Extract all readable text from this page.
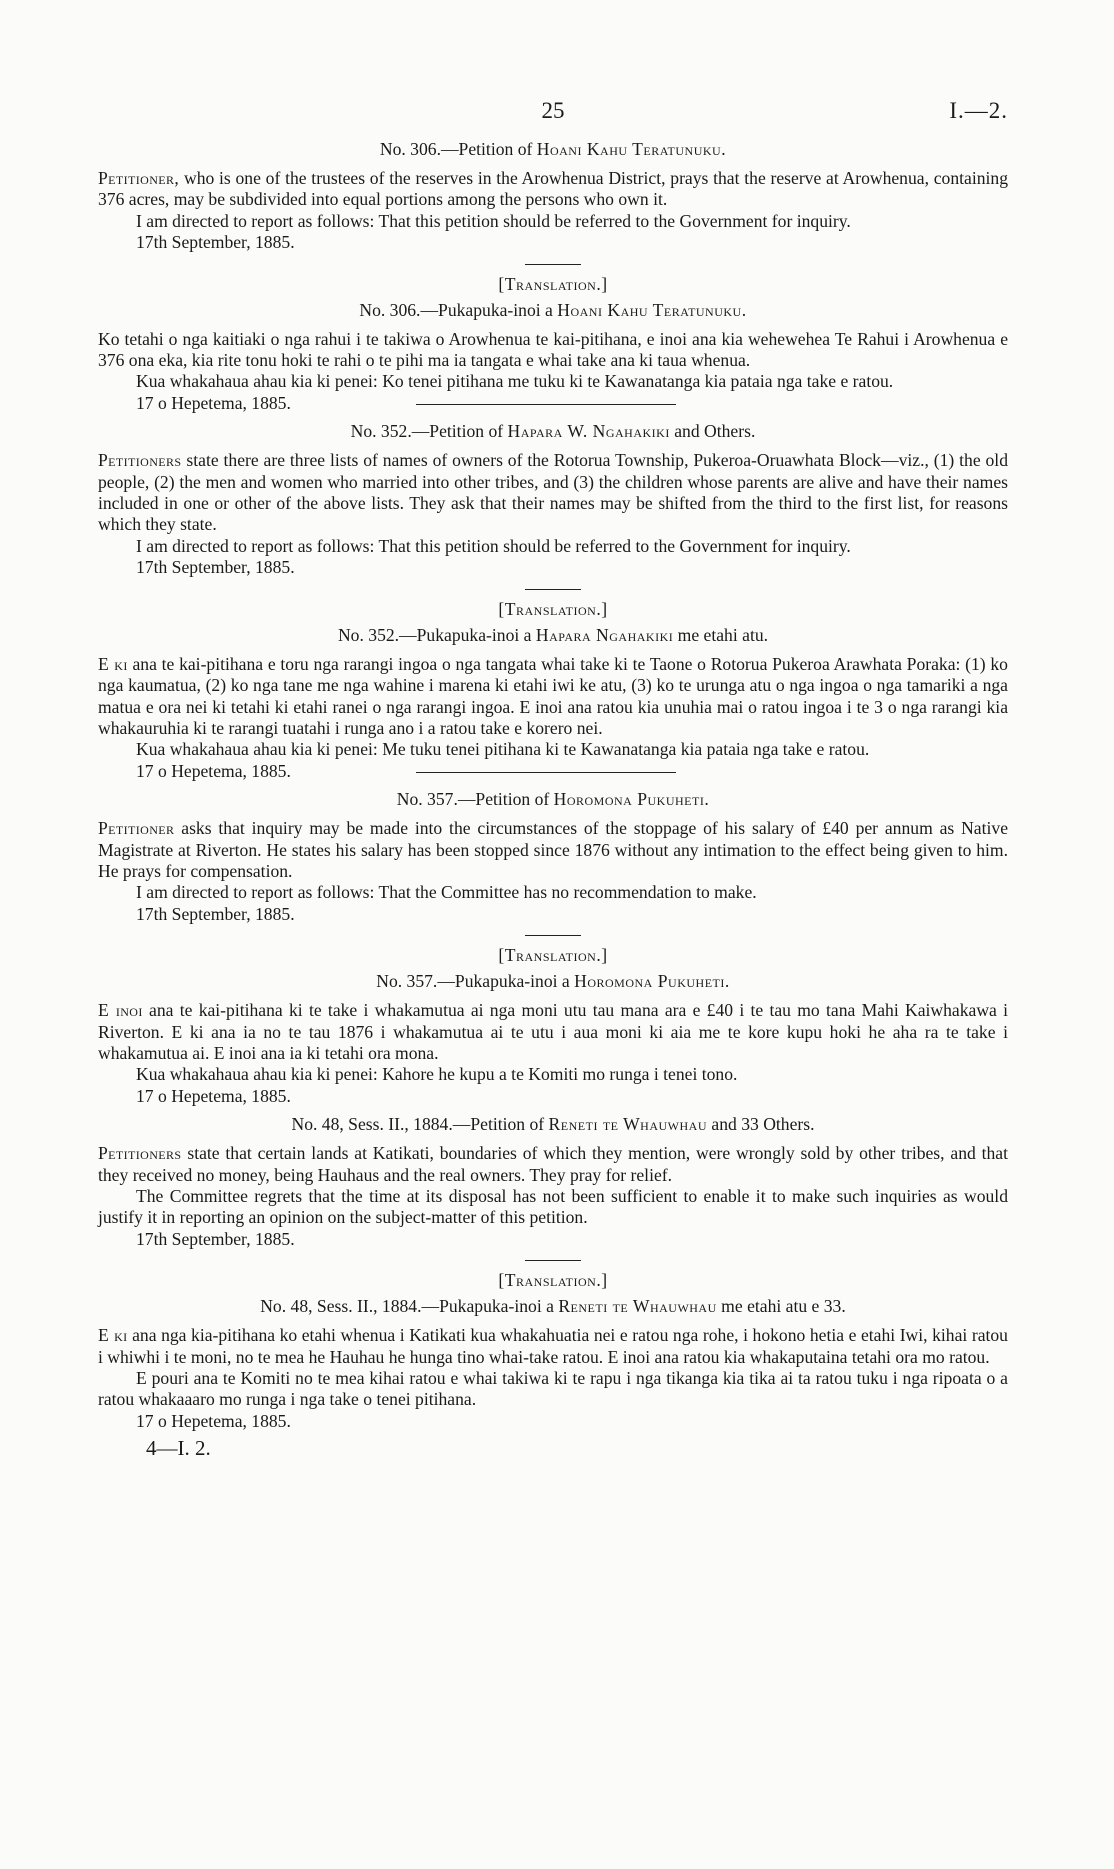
25	I.—2.
No. 306.—Petition of Hoani Kahu Teratunuku.

Petitioner, who is one of the trustees of the reserves in the Arowhenua District, prays that the reserve at Arowhenua, containing 376 acres, may be subdivided into equal portions among the persons who own it.

I am directed to report as follows: That this petition should be referred to the Government for inquiry.

17th September, 1885.
[Translation.]
No. 306.—Pukapuka-inoi a Hoani Kahu Teratunuku.

Ko tetahi o nga kaitiaki o nga rahui i te takiwa o Arowhenua te kai-pitihana, e inoi ana kia wehewehea Te Rahui i Arowhenua e 376 ona eka, kia rite tonu hoki te rahi o te pihi ma ia tangata e whai take ana ki taua whenua.

Kua whakahaua ahau kia ki penei: Ko tenei pitihana me tuku ki te Kawanatanga kia pataia nga take e ratou.

17 o Hepetema, 1885.
No. 352.—Petition of Hapara W. Ngahakiki and Others.

Petitioners state there are three lists of names of owners of the Rotorua Township, Pukeroa-Oruawhata Block—viz., (1) the old people, (2) the men and women who married into other tribes, and (3) the children whose parents are alive and have their names included in one or other of the above lists. They ask that their names may be shifted from the third to the first list, for reasons which they state.

I am directed to report as follows: That this petition should be referred to the Government for inquiry.

17th September, 1885.
[Translation.]
No. 352.—Pukapuka-inoi a Hapara Ngahakiki me etahi atu.

E ki ana te kai-pitihana e toru nga rarangi ingoa o nga tangata whai take ki te Taone o Rotorua Pukeroa Arawhata Poraka: (1) ko nga kaumatua, (2) ko nga tane me nga wahine i marena ki etahi iwi ke atu, (3) ko te urunga atu o nga ingoa o nga tamariki a nga matua e ora nei ki tetahi ki etahi ranei o nga rarangi ingoa. E inoi ana ratou kia unuhia mai o ratou ingoa i te 3 o nga rarangi kia whakauruhia ki te rarangi tuatahi i runga ano i a ratou take e korero nei.

Kua whakahaua ahau kia ki penei: Me tuku tenei pitihana ki te Kawanatanga kia pataia nga take e ratou.

17 o Hepetema, 1885.
No. 357.—Petition of Horomona Pukuheti.

Petitioner asks that inquiry may be made into the circumstances of the stoppage of his salary of £40 per annum as Native Magistrate at Riverton. He states his salary has been stopped since 1876 without any intimation to the effect being given to him. He prays for compensation.

I am directed to report as follows: That the Committee has no recommendation to make.

17th September, 1885.
[Translation.]
No. 357.—Pukapuka-inoi a Horomona Pukuheti.

E inoi ana te kai-pitihana ki te take i whakamutua ai nga moni utu tau mana ara e £40 i te tau mo tana Mahi Kaiwhakawa i Riverton. E ki ana ia no te tau 1876 i whakamutua ai te utu i aua moni ki aia me te kore kupu hoki he aha ra te take i whakamutua ai. E inoi ana ia ki tetahi ora mona.

Kua whakahaua ahau kia ki penei: Kahore he kupu a te Komiti mo runga i tenei tono.

17 o Hepetema, 1885.
No. 48, Sess. II., 1884.—Petition of Reneti te Whauwhau and 33 Others.

Petitioners state that certain lands at Katikati, boundaries of which they mention, were wrongly sold by other tribes, and that they received no money, being Hauhaus and the real owners. They pray for relief.

The Committee regrets that the time at its disposal has not been sufficient to enable it to make such inquiries as would justify it in reporting an opinion on the subject-matter of this petition.

17th September, 1885.
[Translation.]
No. 48, Sess. II., 1884.—Pukapuka-inoi a Reneti te Whauwhau me etahi atu e 33.

E ki ana nga kia-pitihana ko etahi whenua i Katikati kua whakahuatia nei e ratou nga rohe, i hokono hetia e etahi Iwi, kihai ratou i whiwhi i te moni, no te mea he Hauhau he hunga tino whai-take ratou. E inoi ana ratou kia whakaputaina tetahi ora mo ratou.

E pouri ana te Komiti no te mea kihai ratou e whai takiwa ki te rapu i nga tikanga kia tika ai ta ratou tuku i nga ripoata o a ratou whakaaaro mo runga i nga take o tenei pitihana.

17 o Hepetema, 1885.
4—I. 2.
